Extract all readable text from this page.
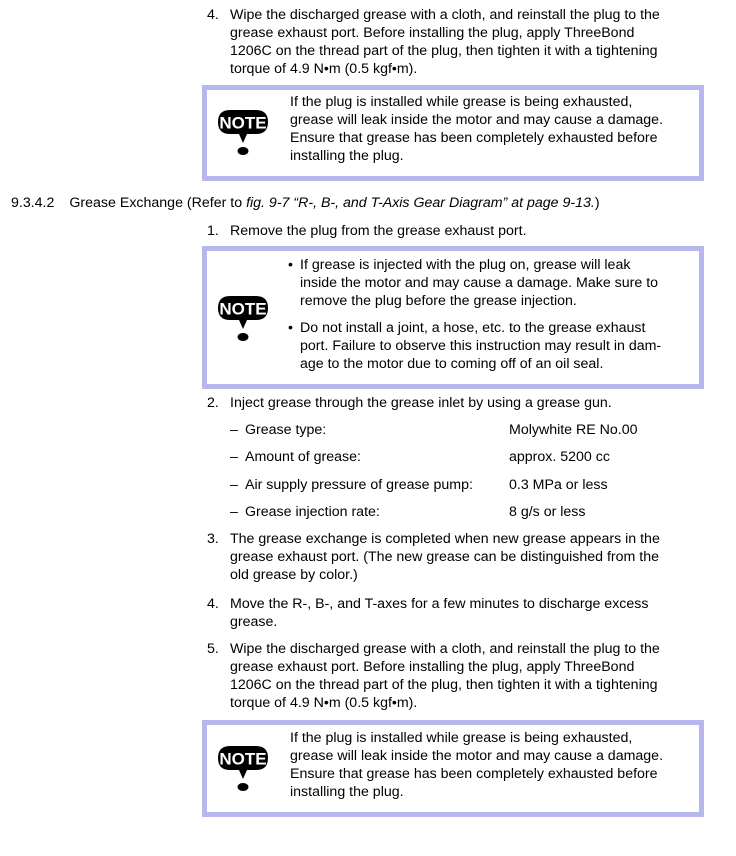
4. Wipe the discharged grease with a cloth, and reinstall the plug to the
grease exhaust port. Before installing the plug, apply ThreeBond
1206C on the thread part of the plug, then tighten it with a tightening
torque of 4.9 N•m (0.5 kgf•m).
NOTE
If the plug is installed while grease is being exhausted,
grease will leak inside the motor and may cause a damage.
Ensure that grease has been completely exhausted before
installing the plug.
9.3.4.2 Grease Exchange (Refer to fig. 9-7 “R-, B-, and T-Axis Gear Diagram” at page 9-13.)
1. Remove the plug from the grease exhaust port.
NOTE
• If grease is injected with the plug on, grease will leak
inside the motor and may cause a damage. Make sure to
remove the plug before the grease injection.
• Do not install a joint, a hose, etc. to the grease exhaust
port. Failure to observe this instruction may result in dam-
age to the motor due to coming off of an oil seal.
2. Inject grease through the grease inlet by using a grease gun.
– Grease type:	Molywhite RE No.00
– Amount of grease:	approx. 5200 cc
– Air supply pressure of grease pump:	0.3 MPa or less
– Grease injection rate:	8 g/s or less
3. The grease exchange is completed when new grease appears in the
grease exhaust port. (The new grease can be distinguished from the
old grease by color.)
4. Move the R-, B-, and T-axes for a few minutes to discharge excess
grease.
5. Wipe the discharged grease with a cloth, and reinstall the plug to the
grease exhaust port. Before installing the plug, apply ThreeBond
1206C on the thread part of the plug, then tighten it with a tightening
torque of 4.9 N•m (0.5 kgf•m).
NOTE
If the plug is installed while grease is being exhausted,
grease will leak inside the motor and may cause a damage.
Ensure that grease has been completely exhausted before
installing the plug.
